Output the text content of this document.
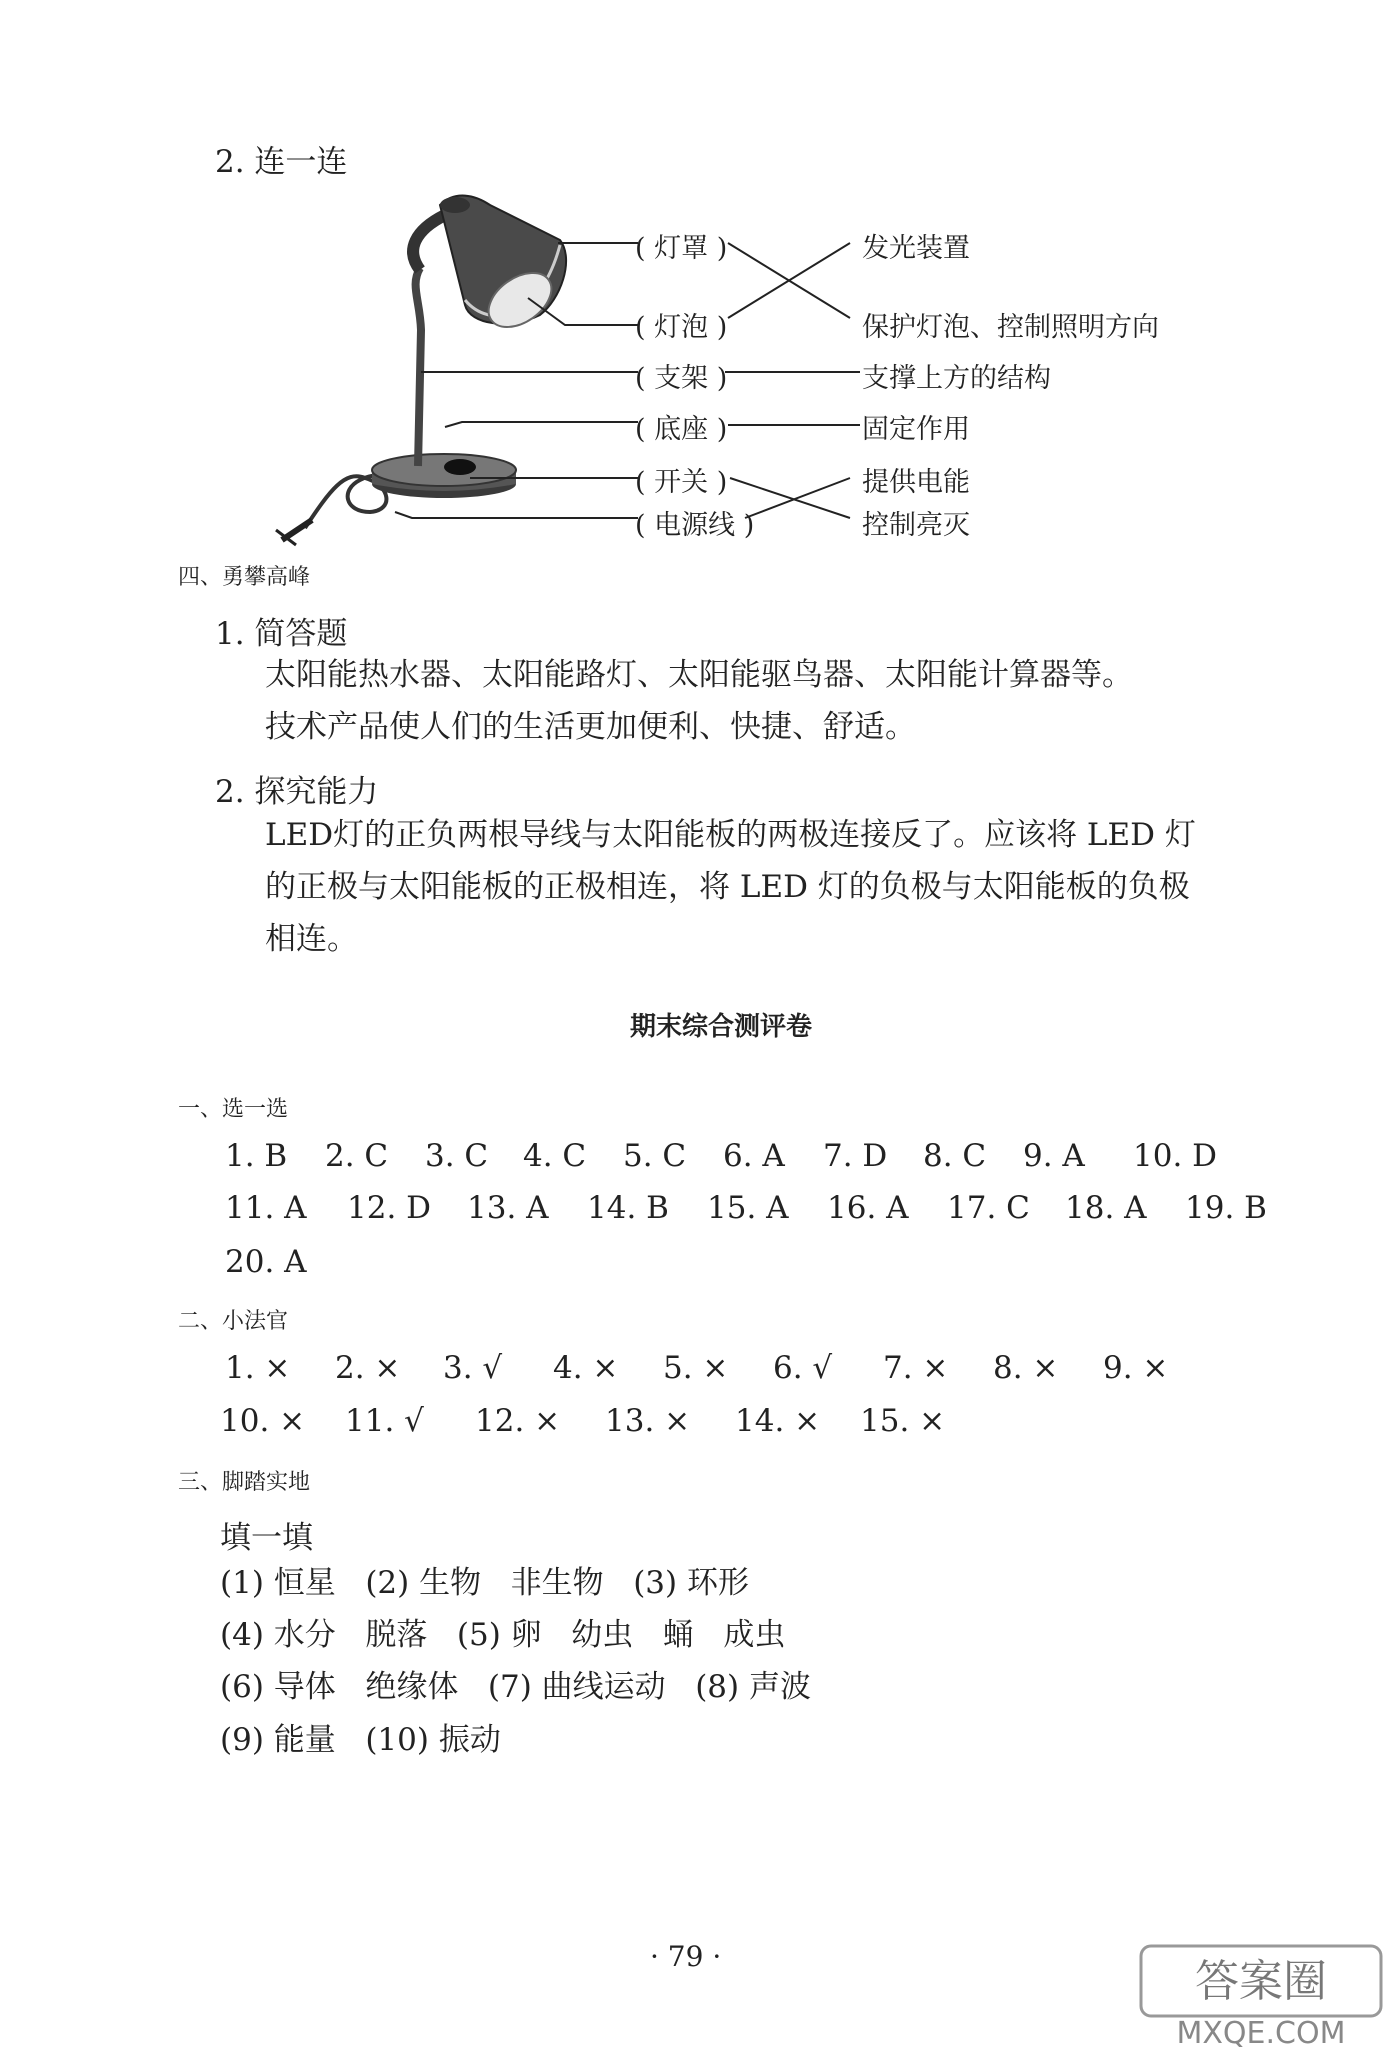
2. 连一连
( 灯罩 )
( 灯泡 )
( 支架 )
( 底座 )
( 开关 )
( 电源线 )
发光装置
保护灯泡、控制照明方向
支撑上方的结构
固定作用
提供电能
控制亮灭
四、勇攀高峰
1. 简答题
太阳能热水器、太阳能路灯、太阳能驱鸟器、太阳能计算器等。
技术产品使人们的生活更加便利、快捷、舒适。
2. 探究能力
LED灯的正负两根导线与太阳能板的两极连接反了。应该将 LED 灯
的正极与太阳能板的正极相连，将 LED 灯的负极与太阳能板的负极
相连。
期末综合测评卷
一、选一选
1. B 2. C 3. C 4. C 5. C 6. A 7. D 8. C 9. A 10. D
11. A 12. D 13. A 14. B 15. A 16. A 17. C 18. A 19. B
20. A
二、小法官
1. × 2. × 3. √ 4. × 5. × 6. √ 7. × 8. × 9. ×
10. × 11. √ 12. × 13. × 14. × 15. ×
三、脚踏实地
填一填
(1) 恒星   (2) 生物   非生物   (3) 环形
(4) 水分   脱落   (5) 卵   幼虫   蛹   成虫
(6) 导体   绝缘体   (7) 曲线运动   (8) 声波
(9) 能量   (10) 振动
· 79 ·	答案圈
MXQE.COM
